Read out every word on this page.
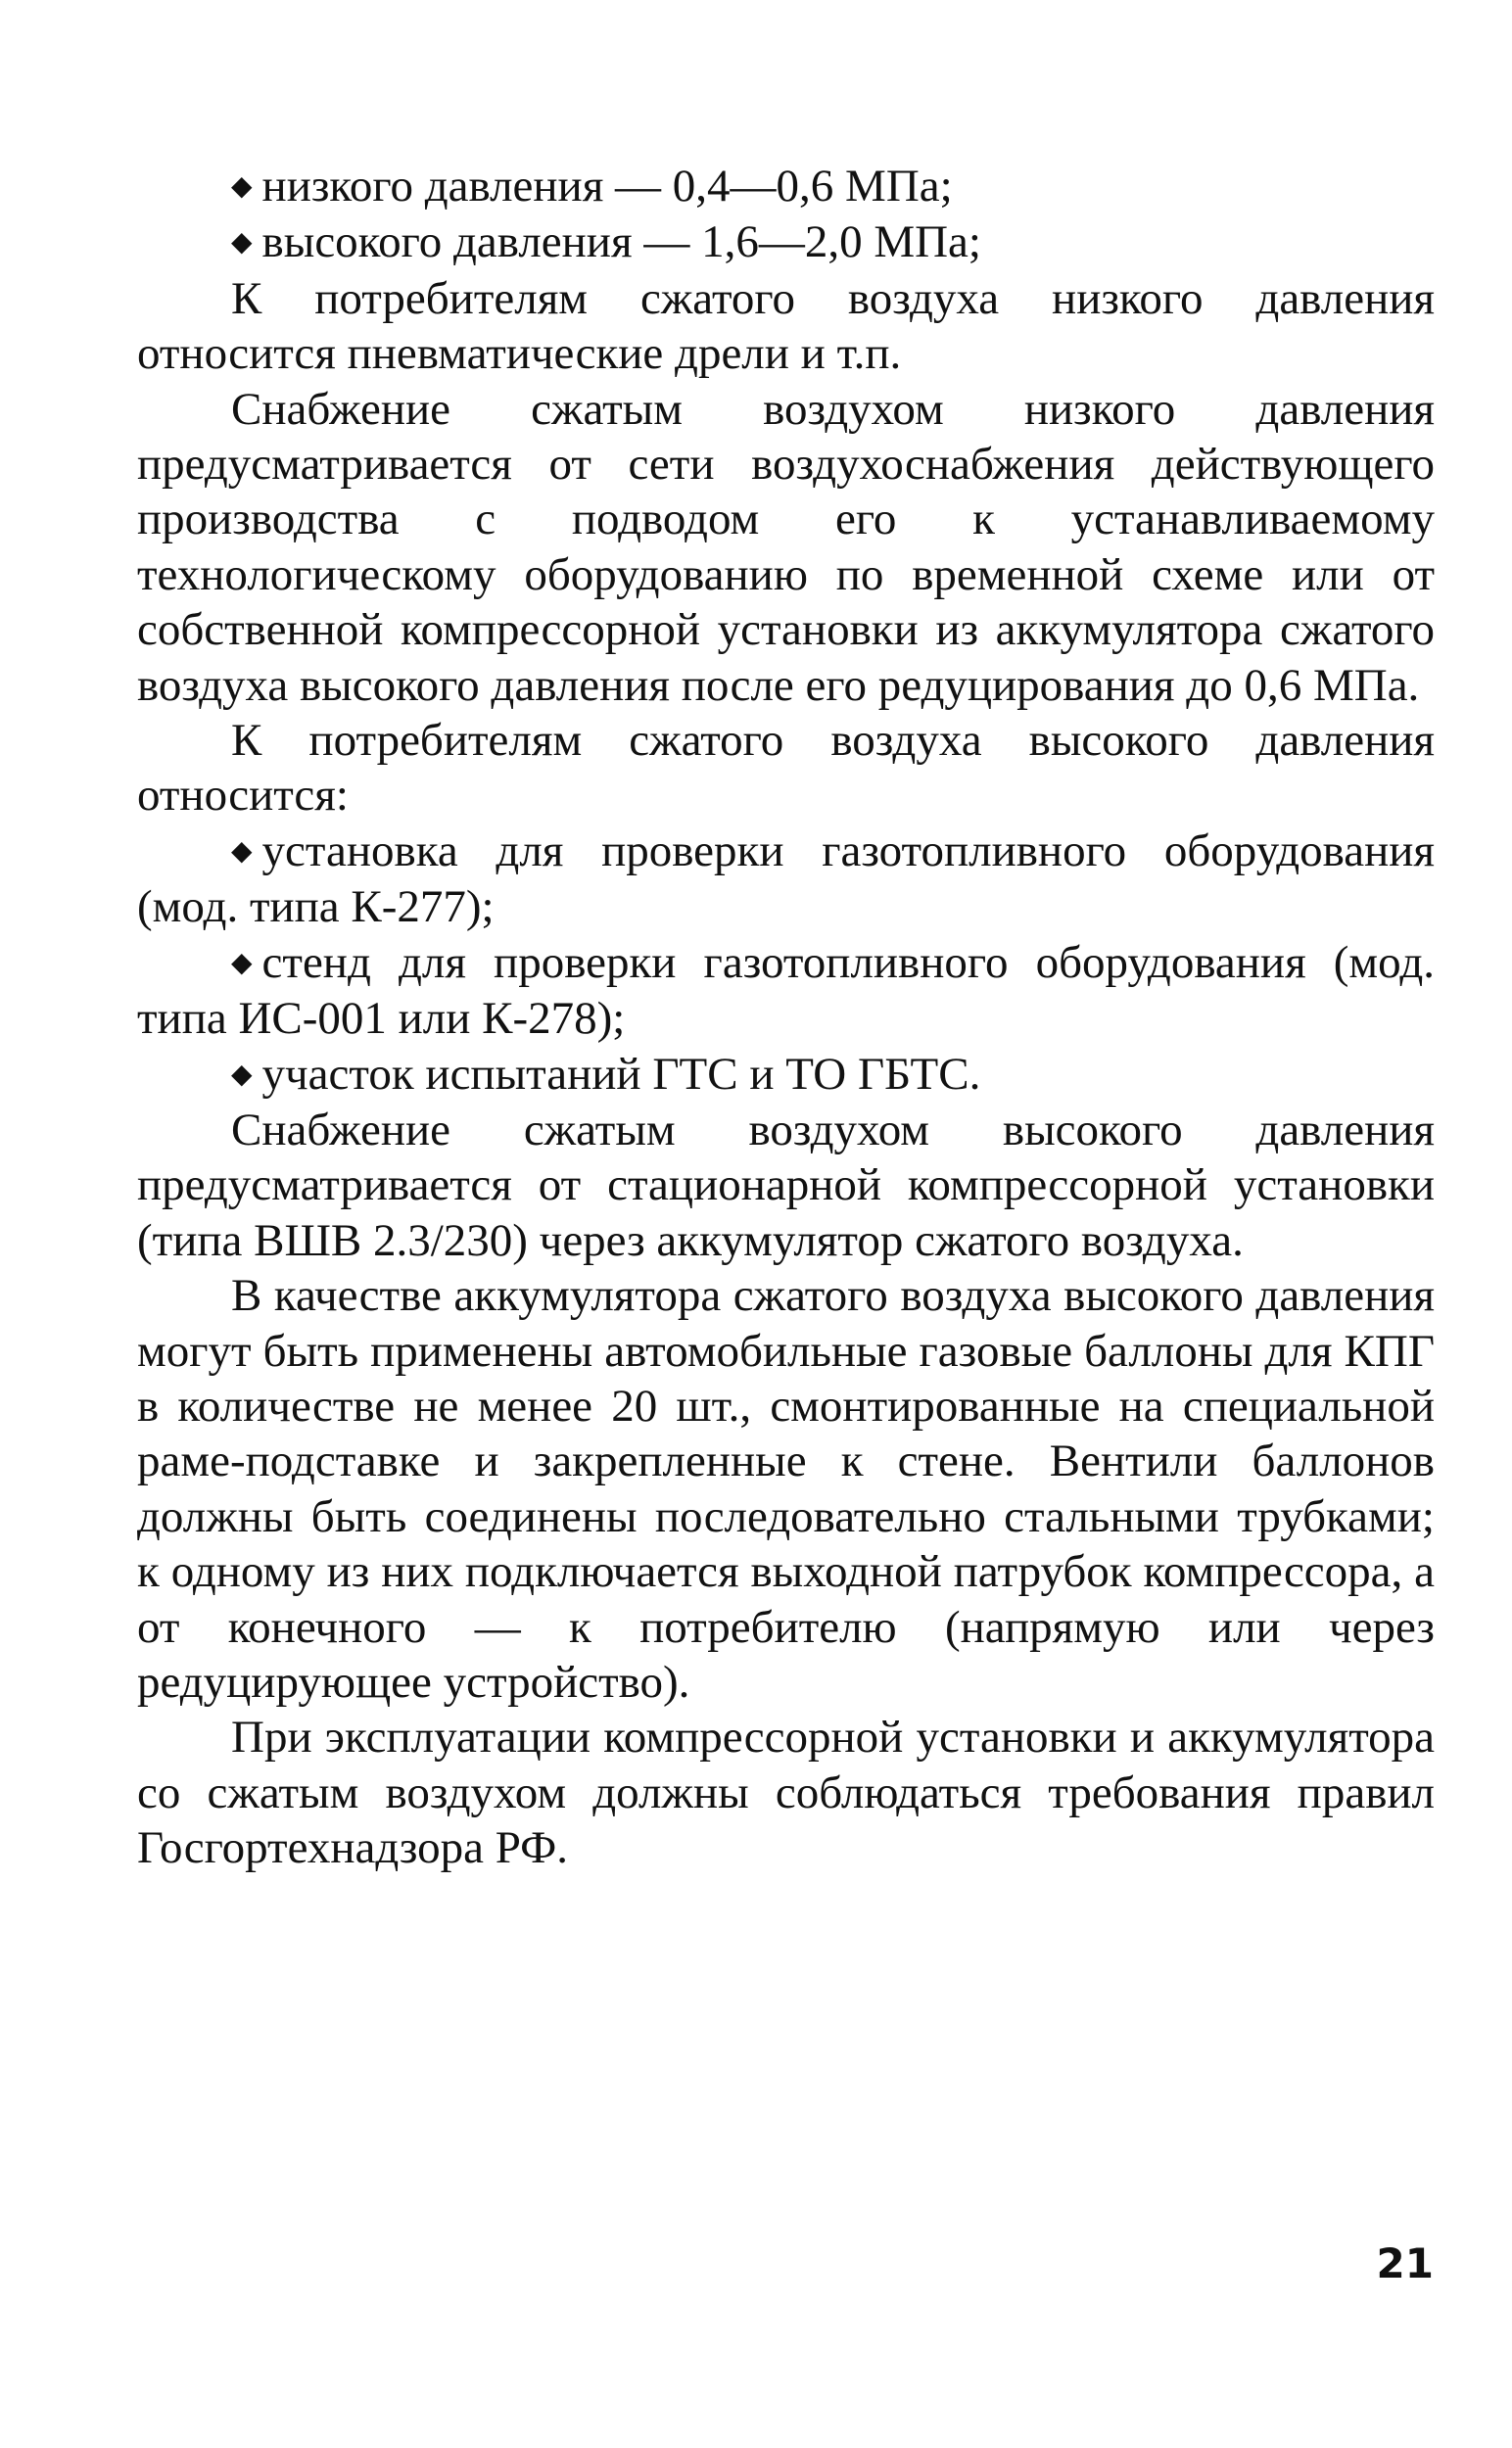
◆ низкого давления — 0,4—0,6 МПа;

◆ высокого давления — 1,6—2,0 МПа;

К потребителям сжатого воздуха низкого давления относится пневматические дрели и т.п.

Снабжение сжатым воздухом низкого давления предусматривается от сети воздухоснабжения действующего производства с подводом его к устанавливаемому технологическому оборудованию по временной схеме или от собственной компрессорной установки из аккумулятора сжатого воздуха высокого давления после его редуцирования до 0,6 МПа.

К потребителям сжатого воздуха высокого давления относится:

◆ установка для проверки газотопливного оборудования (мод. типа К-277);

◆ стенд для проверки газотопливного оборудования (мод. типа ИС-001 или К-278);

◆ участок испытаний ГТС и ТО ГБТС.

Снабжение сжатым воздухом высокого давления предусматривается от стационарной компрессорной установки (типа ВШВ 2.3/230) через аккумулятор сжатого воздуха.

В качестве аккумулятора сжатого воздуха высокого давления могут быть применены автомобильные газовые баллоны для КПГ в количестве не менее 20 шт., смонтированные на специальной раме-подставке и закрепленные к стене. Вентили баллонов должны быть соединены последовательно стальными трубками; к одному из них подключается выходной патрубок компрессора, а от конечного — к потребителю (напрямую или через редуцирующее устройство).

При эксплуатации компрессорной установки и аккумулятора со сжатым воздухом должны соблюдаться требования правил Госгортехнадзора РФ.

21
